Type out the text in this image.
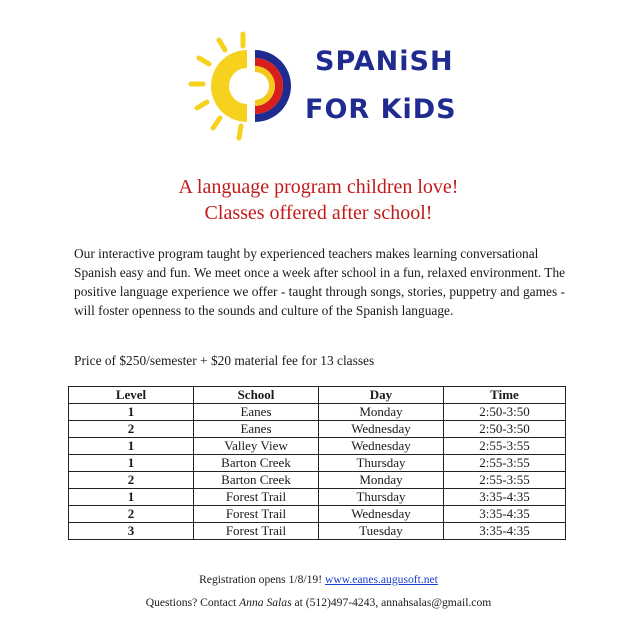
SPANiSH
FOR KiDS
A language program children love!
Classes offered after school!
Our interactive program taught by experienced teachers makes learning conversational Spanish easy and fun. We meet once a week after school in a fun, relaxed environment. The positive language experience we offer - taught through songs, stories, puppetry and games - will foster openness to the sounds and culture of the Spanish language.
Price of $250/semester + $20 material fee for 13 classes
Level	School	Day	Time
1	Eanes	Monday	2:50-3:50
2	Eanes	Wednesday	2:50-3:50
1	Valley View	Wednesday	2:55-3:55
1	Barton Creek	Thursday	2:55-3:55
2	Barton Creek	Monday	2:55-3:55
1	Forest Trail	Thursday	3:35-4:35
2	Forest Trail	Wednesday	3:35-4:35
3	Forest Trail	Tuesday	3:35-4:35
Registration opens 1/8/19! www.eanes.augusoft.net
Questions? Contact Anna Salas at (512)497-4243, annahsalas@gmail.com
